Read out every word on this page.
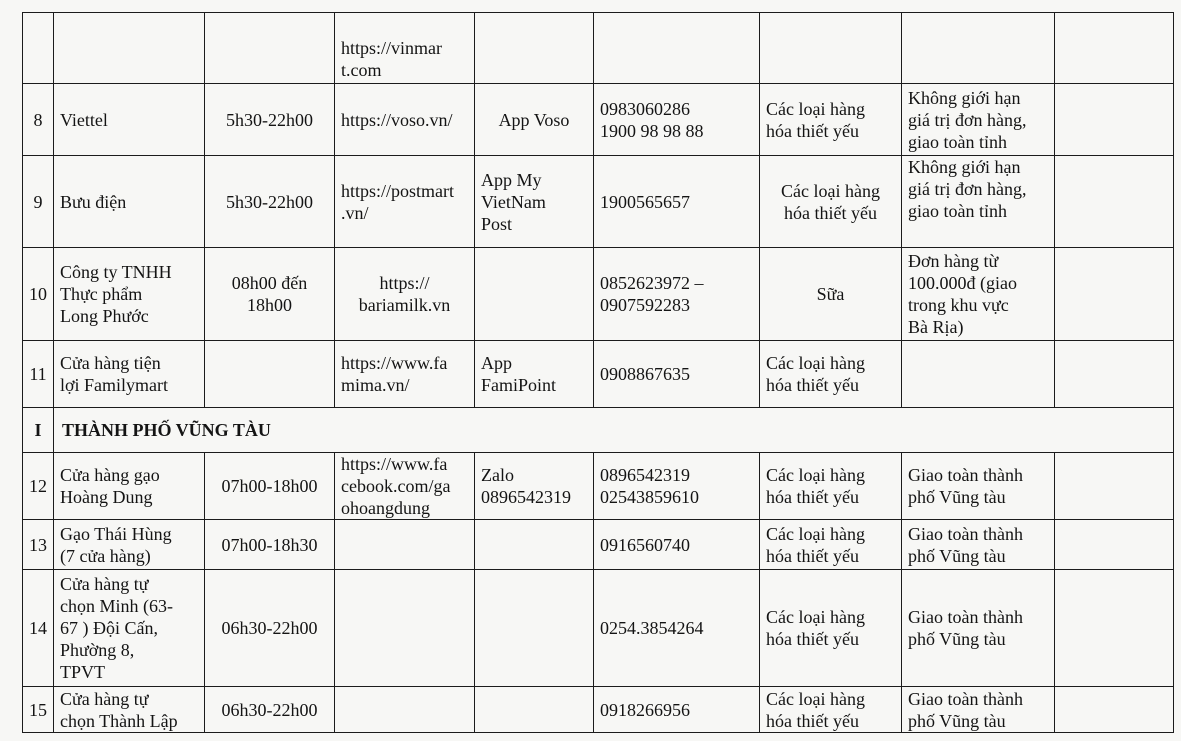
			https://vinmar
t.com					

8	Viettel	5h30-22h00	https://voso.vn/	App Voso	0983060286
1900 98 98 88	Các loại hàng
hóa thiết yếu	Không giới hạn
giá trị đơn hàng,
giao toàn tỉnh	

9	Bưu điện	5h30-22h00	https://postmart
.vn/	App My
VietNam
Post	1900565657	Các loại hàng
hóa thiết yếu	Không giới hạn
giá trị đơn hàng,
giao toàn tỉnh	

10	Công ty TNHH
Thực phẩm
Long Phước	08h00 đến
18h00	https://
bariamilk.vn		0852623972 –
0907592283	Sữa	Đơn hàng từ
100.000đ (giao
trong khu vực
Bà Rịa)	

11	Cửa hàng tiện
lợi Familymart		https://www.fa
mima.vn/	App
FamiPoint	0908867635	Các loại hàng
hóa thiết yếu		

I	THÀNH PHỐ VŨNG TÀU							

12	Cửa hàng gạo
Hoàng Dung	07h00-18h00	https://www.fa
cebook.com/ga
ohoangdung	Zalo
0896542319	0896542319
02543859610	Các loại hàng
hóa thiết yếu	Giao toàn thành
phố Vũng tàu	

13	Gạo Thái Hùng
(7 cửa hàng)	07h00-18h30			0916560740	Các loại hàng
hóa thiết yếu	Giao toàn thành
phố Vũng tàu	

14	Cửa hàng tự
chọn Minh (63-
67 ) Đội Cấn,
Phường 8,
TPVT	06h30-22h00			0254.3854264	Các loại hàng
hóa thiết yếu	Giao toàn thành
phố Vũng tàu	

15	Cửa hàng tự
chọn Thành Lập	06h30-22h00			0918266956	Các loại hàng
hóa thiết yếu	Giao toàn thành
phố Vũng tàu	
